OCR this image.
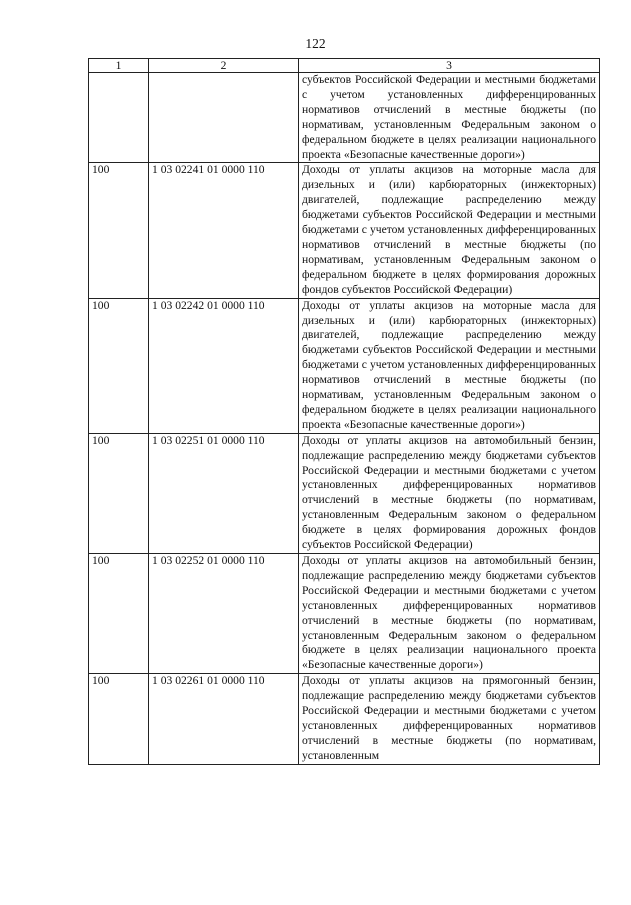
122
1	2	3
		субъектов Российской Федерации и местными бюджетами с учетом установленных дифференцированных нормативов отчислений в местные бюджеты (по нормативам, установленным Федеральным законом о федеральном бюджете в целях реализации национального проекта «Безопасные качественные дороги»)
100	1 03 02241 01 0000 110	Доходы от уплаты акцизов на моторные масла для дизельных и (или) карбюраторных (инжекторных) двигателей, подлежащие распределению между бюджетами субъектов Российской Федерации и местными бюджетами с учетом установленных дифференцированных нормативов отчислений в местные бюджеты (по нормативам, установленным Федеральным законом о федеральном бюджете в целях формирования дорожных фондов субъектов Российской Федерации)
100	1 03 02242 01 0000 110	Доходы от уплаты акцизов на моторные масла для дизельных и (или) карбюраторных (инжекторных) двигателей, подлежащие распределению между бюджетами субъектов Российской Федерации и местными бюджетами с учетом установленных дифференцированных нормативов отчислений в местные бюджеты (по нормативам, установленным Федеральным законом о федеральном бюджете в целях реализации национального проекта «Безопасные качественные дороги»)
100	1 03 02251 01 0000 110	Доходы от уплаты акцизов на автомобильный бензин, подлежащие распределению между бюджетами субъектов Российской Федерации и местными бюджетами с учетом установленных дифференцированных нормативов отчислений в местные бюджеты (по нормативам, установленным Федеральным законом о федеральном бюджете в целях формирования дорожных фондов субъектов Российской Федерации)
100	1 03 02252 01 0000 110	Доходы от уплаты акцизов на автомобильный бензин, подлежащие распределению между бюджетами субъектов Российской Федерации и местными бюджетами с учетом установленных дифференцированных нормативов отчислений в местные бюджеты (по нормативам, установленным Федеральным законом о федеральном бюджете в целях реализации национального проекта «Безопасные качественные дороги»)
100	1 03 02261 01 0000 110	Доходы от уплаты акцизов на прямогонный бензин, подлежащие распределению между бюджетами субъектов Российской Федерации и местными бюджетами с учетом установленных дифференцированных нормативов отчислений в местные бюджеты (по нормативам, установленным
